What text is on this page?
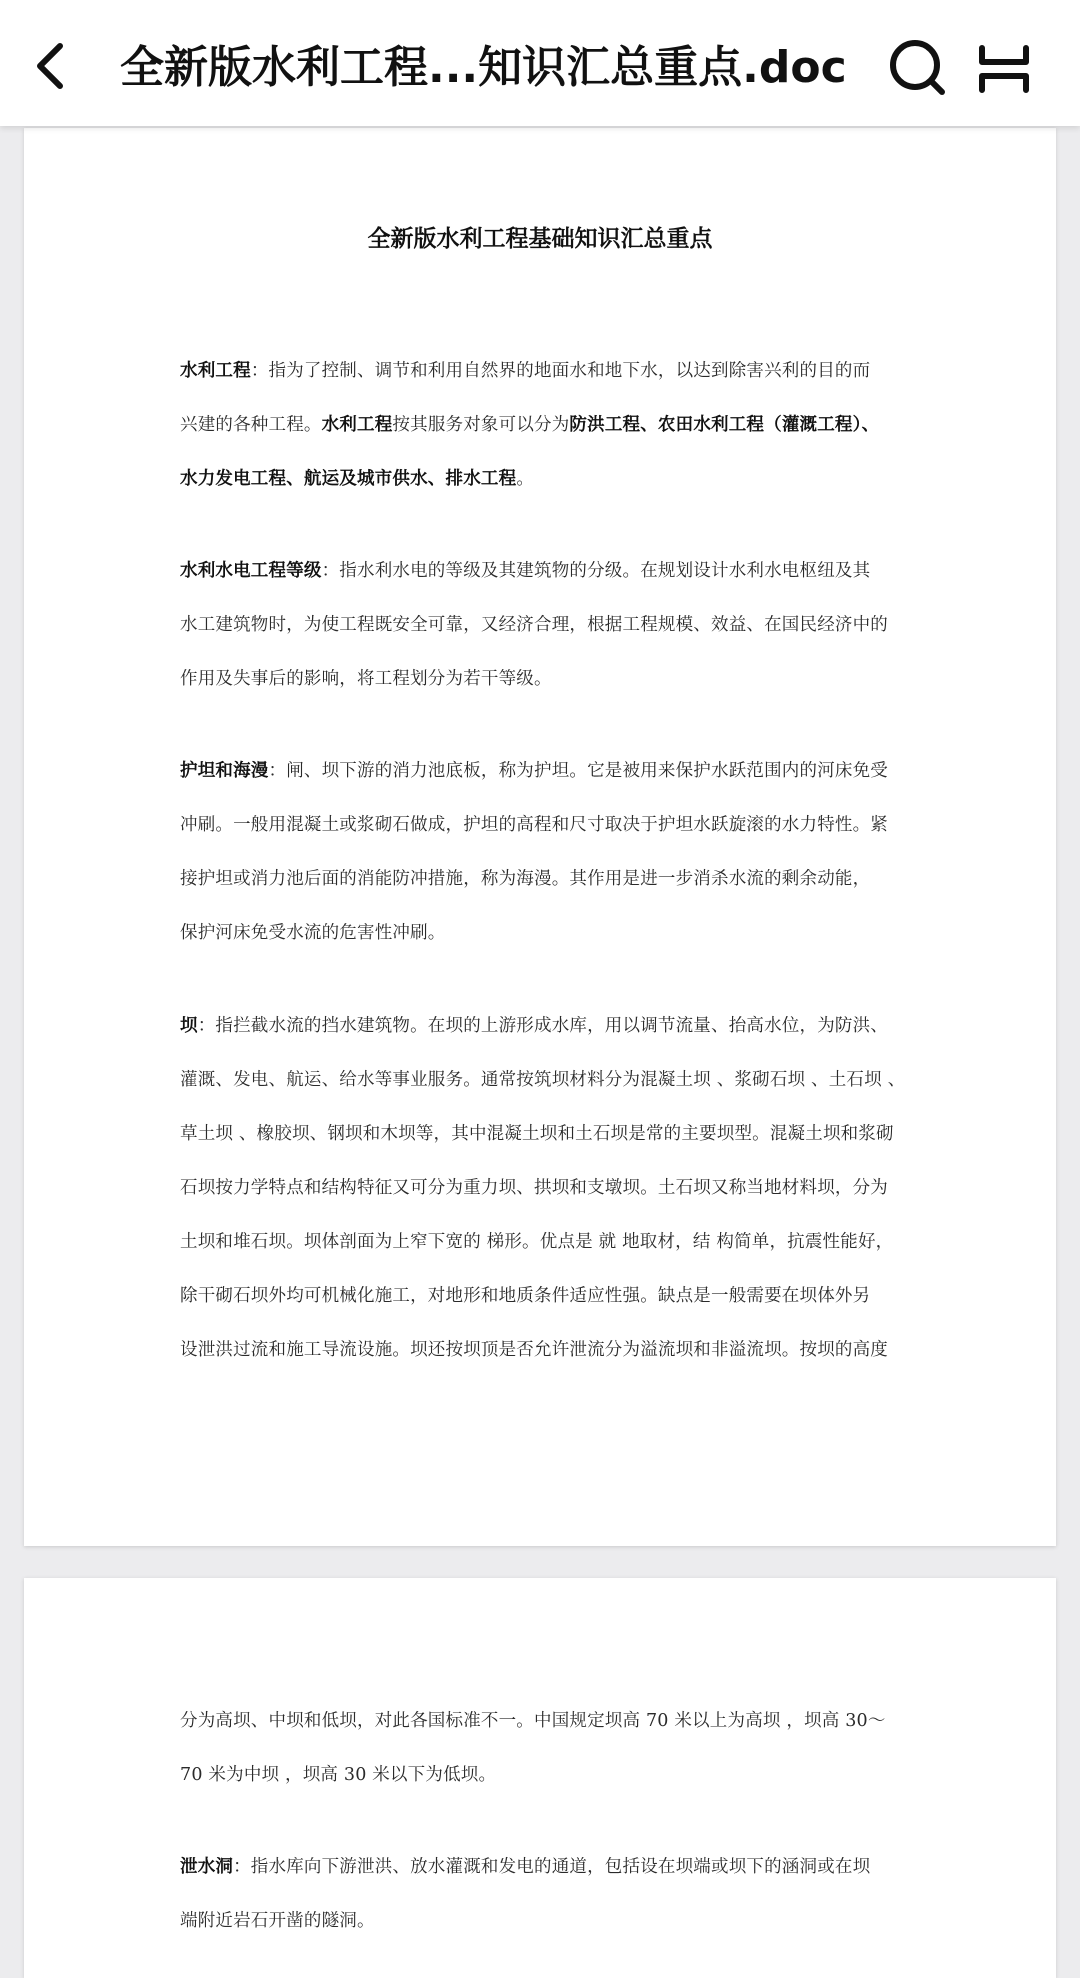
全新版水利工程...知识汇总重点.doc
全新版水利工程基础知识汇总重点
水利工程：指为了控制、调节和利用自然界的地面水和地下水，以达到除害兴利的目的而
兴建的各种工程。水利工程按其服务对象可以分为防洪工程、农田水利工程（灌溉工程）、
水力发电工程、航运及城市供水、排水工程。
水利水电工程等级：指水利水电的等级及其建筑物的分级。在规划设计水利水电枢纽及其
水工建筑物时，为使工程既安全可靠，又经济合理，根据工程规模、效益、在国民经济中的
作用及失事后的影响，将工程划分为若干等级。
护坦和海漫：闸、坝下游的消力池底板，称为护坦。它是被用来保护水跃范围内的河床免受
冲刷。一般用混凝土或浆砌石做成，护坦的高程和尺寸取决于护坦水跃旋滚的水力特性。紧
接护坦或消力池后面的消能防冲措施，称为海漫。其作用是进一步消杀水流的剩余动能，
保护河床免受水流的危害性冲刷。
坝：指拦截水流的挡水建筑物。在坝的上游形成水库，用以调节流量、抬高水位，为防洪、
灌溉、发电、航运、给水等事业服务。通常按筑坝材料分为混凝土坝 、浆砌石坝 、土石坝 、
草土坝 、橡胶坝、钢坝和木坝等，其中混凝土坝和土石坝是常的主要坝型。混凝土坝和浆砌
石坝按力学特点和结构特征又可分为重力坝、拱坝和支墩坝。土石坝又称当地材料坝，分为
土坝和堆石坝。坝体剖面为上窄下宽的 梯形。优点是 就 地取材，结 构简单，抗震性能好，
除干砌石坝外均可机械化施工，对地形和地质条件适应性强。缺点是一般需要在坝体外另
设泄洪过流和施工导流设施。坝还按坝顶是否允许泄流分为溢流坝和非溢流坝。按坝的高度
分为高坝、中坝和低坝，对此各国标准不一。中国规定坝高 70 米以上为高坝 ，坝高 30～
70 米为中坝 ，坝高 30 米以下为低坝。
泄水洞：指水库向下游泄洪、放水灌溉和发电的通道，包括设在坝端或坝下的涵洞或在坝
端附近岩石开凿的隧洞。
